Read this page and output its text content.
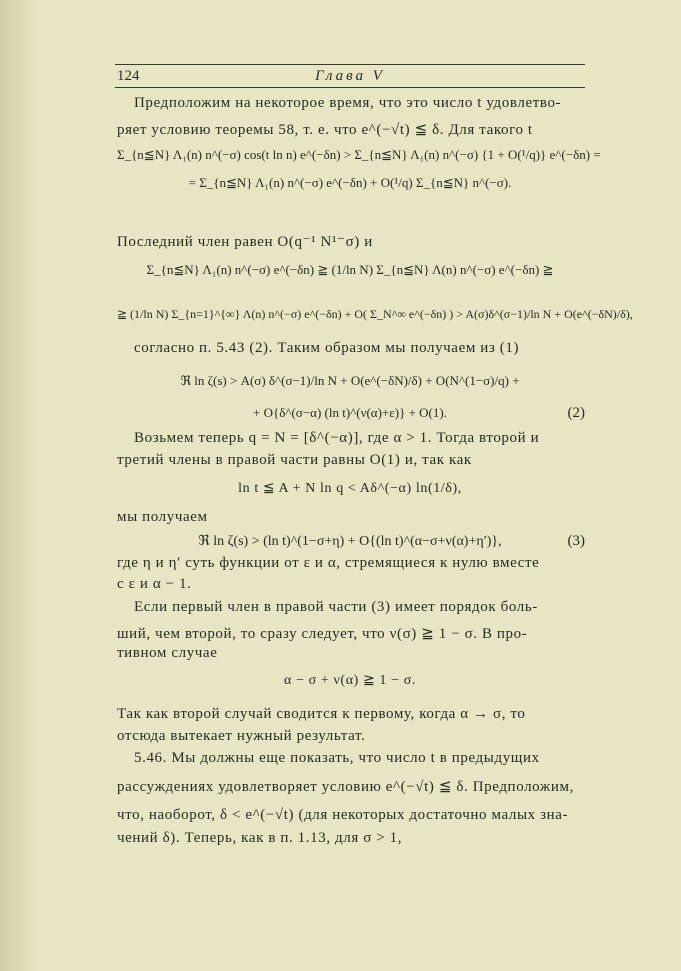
124	Глава V
Предположим на некоторое время, что это число t удовлетво-
ряет условию теоремы 58, т. е. что e^(−√t) ≦ δ. Для такого t
Σ_{n≦N} Λ₁(n) n^(−σ) cos(t ln n) e^(−δn) > Σ_{n≦N} Λ₁(n) n^(−σ) {1 + O(¹/q)} e^(−δn) =
= Σ_{n≦N} Λ₁(n) n^(−σ) e^(−δn) + O(¹/q) Σ_{n≦N} n^(−σ).
Последний член равен O(q⁻¹ N¹⁻σ) и
Σ_{n≦N} Λ₁(n) n^(−σ) e^(−δn) ≧ (1/ln N) Σ_{n≦N} Λ(n) n^(−σ) e^(−δn) ≧
≧ (1/ln N) Σ_{n=1}^{∞} Λ(n) n^(−σ) e^(−δn) + O( Σ_N^∞ e^(−δn) ) > A(σ)δ^(σ−1)/ln N + O(e^(−δN)/δ),
согласно п. 5.43 (2). Таким образом мы получаем из (1)
ℜ ln ζ(s) > A(σ) δ^(σ−1)/ln N + O(e^(−δN)/δ) + O(N^(1−σ)/q) +
+ O{δ^(σ−α) (ln t)^(ν(α)+ε)} + O(1).	(2)
Возьмем теперь q = N = [δ^(−α)], где α > 1. Тогда второй и
третий члены в правой части равны O(1) и, так как
ln t ≦ A + N ln q < Aδ^(−α) ln(1/δ),
мы получаем
ℜ ln ζ(s) > (ln t)^(1−σ+η) + O{(ln t)^(α−σ+ν(α)+η′)},	(3)
где η и η′ суть функции от ε и α, стремящиеся к нулю вместе
с ε и α − 1.
Если первый член в правой части (3) имеет порядок боль-
ший, чем второй, то сразу следует, что ν(σ) ≧ 1 − σ. В про-
тивном случае
α − σ + ν(α) ≧ 1 − σ.
Так как второй случай сводится к первому, когда α → σ, то
отсюда вытекает нужный результат.
5.46. Мы должны еще показать, что число t в предыдущих
рассуждениях удовлетворяет условию e^(−√t) ≦ δ. Предположим,
что, наоборот, δ < e^(−√t) (для некоторых достаточно малых зна-
чений δ). Теперь, как в п. 1.13, для σ > 1,
